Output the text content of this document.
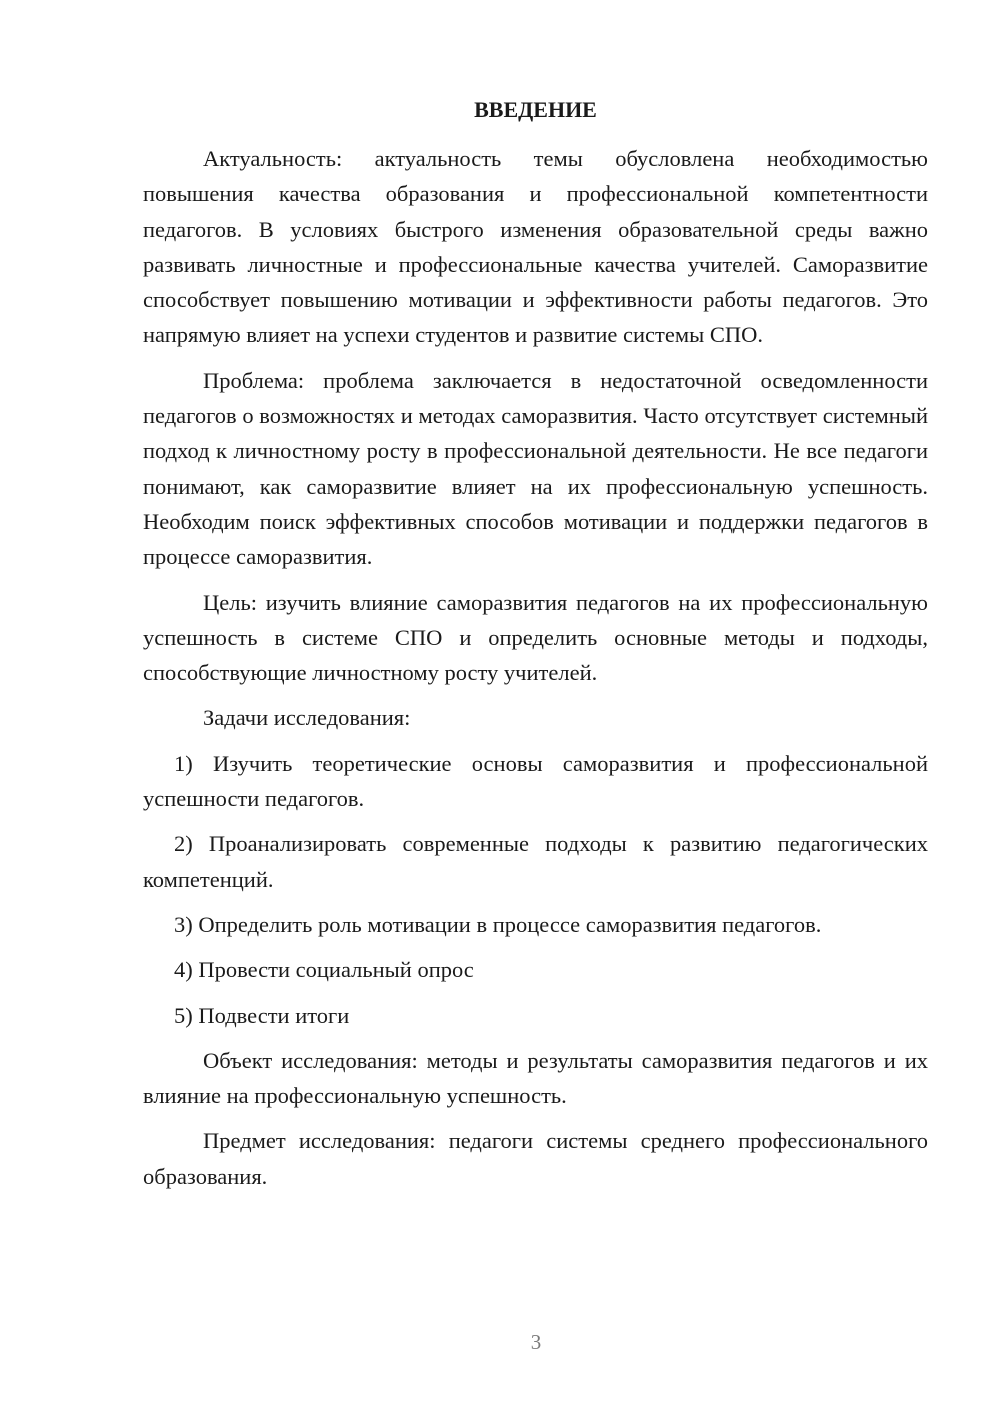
ВВЕДЕНИЕ

Актуальность: актуальность темы обусловлена необходимостью повышения качества образования и профессиональной компетентности педагогов. В условиях быстрого изменения образовательной среды важно развивать личностные и профессиональные качества учителей. Саморазвитие способствует повышению мотивации и эффективности работы педагогов. Это напрямую влияет на успехи студентов и развитие системы СПО.

Проблема: проблема заключается в недостаточной осведомленности педагогов о возможностях и методах саморазвития. Часто отсутствует системный подход к личностному росту в профессиональной деятельности. Не все педагоги понимают, как саморазвитие влияет на их профессиональную успешность. Необходим поиск эффективных способов мотивации и поддержки педагогов в процессе саморазвития.

Цель: изучить влияние саморазвития педагогов на их профессиональную успешность в системе СПО и определить основные методы и подходы, способствующие личностному росту учителей.

Задачи исследования:

1) Изучить теоретические основы саморазвития и профессиональной успешности педагогов.

2) Проанализировать современные подходы к развитию педагогических компетенций.

3) Определить роль мотивации в процессе саморазвития педагогов.

4) Провести социальный опрос

5) Подвести итоги

Объект исследования: методы и результаты саморазвития педагогов и их влияние на профессиональную успешность.

Предмет исследования: педагоги системы среднего профессионального образования.

3
